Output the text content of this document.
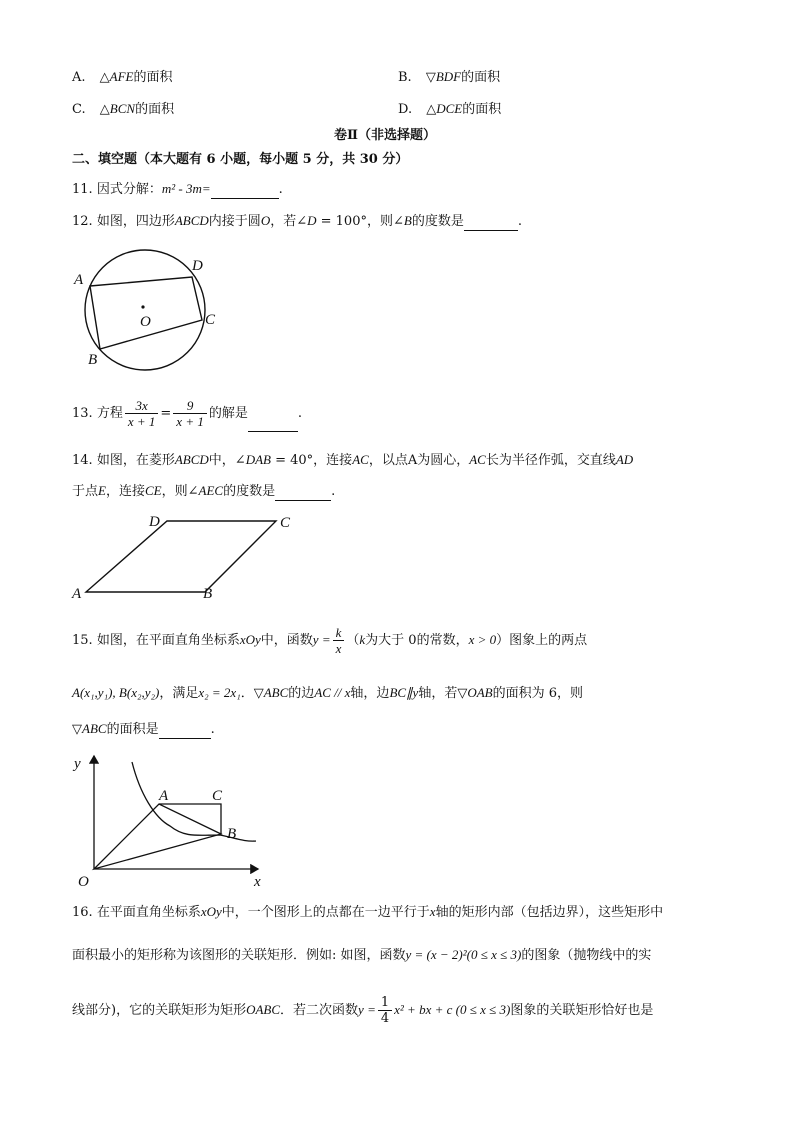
A. △AFE的面积	B. ▽BDF的面积
C. △BCN的面积	D. △DCE的面积
卷Ⅱ（非选择题）
二、填空题（本大题有 6 小题，每小题 5 分，共 30 分）
11. 因式分解：m² - 3m=	.
12. 如图，四边形ABCD内接于圆O，若∠D = 100°，则∠B的度数是	.
A
B
C
D
O
13. 方程 $\frac{3x}{x + 1} = \frac{9}{x + 1}$ 的解是	.
14. 如图，在菱形ABCD中，∠DAB = 40°，连接AC，以点A为圆心，AC长为半径作弧，交直线AD
于点E，连接CE，则∠AEC的度数是	.
A	B
C
D
15. 如图，在平面直角坐标系xOy中，函数$y = \frac{k}{x} (k$为大于 0的常数，x > 0）图象上的两点
A(x₁,y₁), B(x₂,y₂)，满足x₂ = 2x₁．▽ABC的边AC // x轴，边BC∥y轴，若▽OAB的面积为 6，则
▽ABC的面积是	.
y
x
O
A
B
C
16. 在平面直角坐标系xOy中，一个图形上的点都在一边平行于x轴的矩形内部（包括边界），这些矩形中
面积最小的矩形称为该图形的关联矩形．例如: 如图，函数y = (x − 2)²(0 ≤ x ≤ 3)的图象（抛物线中的实
线部分)，它的关联矩形为矩形OABC．若二次函数$y = \frac{1}{4} x^2$ + bx + c (0 ≤ x ≤ 3)图象的关联矩形恰好也是
